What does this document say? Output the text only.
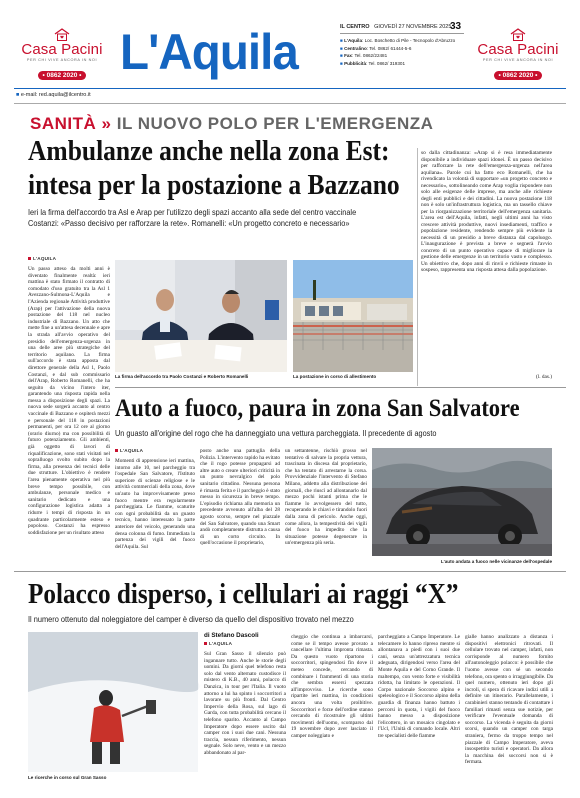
Casa Pacini
PER CHI VIVE ANCORA IN NOI
• 0862 2020 • L'Aquila	IL CENTRO GIOVEDÌ 27 NOVEMBRE 2025
33
■ L'Aquila: Loc. Boschetto di Pile - Tecnopolo d'Abruzzo
■ Centralino: Tel. 0862/ 61444-5-6
■ Fax: Tel. 0862/22481
■ Pubblicità: Tel. 0862/ 319301
Casa Pacini
PER CHI VIVE ANCORA IN NOI
• 0862 2020 •
■ e-mail: red.aquila@ilcentro.it
SANITÀ » IL NUOVO POLO PER L'EMERGENZA
Ambulanze anche nella zona Est:
intesa per la postazione a Bazzano
Ieri la firma dell'accordo tra Asl e Arap per l'utilizzo degli spazi accanto alla sede del centro vaccinale
Costanzi: «Passo decisivo per rafforzare la rete». Romanelli: «Un progetto concreto e necessario»
L'AQUILA
Un passo atteso da molti anni è diventato finalmente realtà: ieri mattina è stato firmato il contratto di comodato d'uso gratuito tra la Asl 1 Avezzano-Sulmona-L'Aquila e l'Azienda regionale Attività produttive (Arap) per l'attivazione della nuova postazione del 118 nel nucleo industriale di Bazzano. Un atto che mette fine a un'attesa decennale e apre la strada all'avvio operativo del presidio dell'emergenza-urgenza in una delle aree più strategiche del territorio aquilano. La firma sull'accordo è stata apposta dal direttore generale della Asl 1, Paolo Costanzi, e dal sub commissario dell'Arap, Roberto Romanelli, che ha seguito da vicino l'intero iter, garantendo una risposta rapida nella messa a disposizione degli spazi. La nuova sede sorgerà accanto al centro vaccinale di Bazzano e ospiterà mezzi e personale del 118 in postazioni permanenti, per ora 12 ore al giorno (orario diurno) ma con possibilità di futuro potenziamento. Gli ambienti, già oggetto di lavori di riqualificazione, sono stati visitati nel sopralluogo svolto subito dopo la firma, alla presenza dei tecnici delle due strutture. L'obiettivo è rendere l'area pienamente operativa nel più breve tempo possibile, con ambulanze, personale medico e sanitario dedicato e una configurazione logistica adatta a ridurre i tempi di risposta in un quadrante particolarmente esteso e popoloso. Costanzi ha espresso soddisfazione per un risultato atteso
La firma dell'accordo tra Paolo Costanzi e Roberto Romanelli	La postazione in corso di allestimento
so dalla cittadinanza: «Arap si è resa immediatamente disponibile a individuare spazi idonei. È un passo decisivo per rafforzare la rete dell'emergenza-urgenza nell'area aquilana». Parole cui ha fatto eco Romanelli, che ha rivendicato la volontà di supportare «un progetto concreto e necessario», sottolineando come Arap voglia rispondere non solo alle esigenze delle imprese, ma anche alle richieste degli enti pubblici e dei cittadini. La nuova postazione 118 non è solo un'infrastruttura logistica, ma un tassello chiave per la riorganizzazione territoriale dell'emergenza sanitaria. L'area est dell'Aquila, infatti, negli ultimi anni ha visto crescere attività produttive, nuovi insediamenti, traffico e popolazione residente, rendendo sempre più evidente la necessità di un presidio a breve distanza dal capoluogo. L'inaugurazione è prevista a breve e segnerà l'avvio concreto di un punto operativo capace di migliorare la gestione delle emergenze in un territorio vasto e complesso. Un obiettivo che, dopo anni di rinvii e richieste rimaste in sospeso, rappresenta una risposta attesa dalla popolazione.
(l. das.)
Auto a fuoco, paura in zona San Salvatore
Un guasto all'origine del rogo che ha danneggiato una vettura parcheggiata. Il precedente di agosto
L'AQUILA
Momenti di apprensione ieri mattina, intorno alle 10, nel parcheggio tra l'ospedale San Salvatore, l'Istituto superiore di scienze religiose e le attività commerciali della zona, dove un'auto ha improvvisamente preso fuoco mentre era regolarmente parcheggiata. Le fiamme, scaturite con ogni probabilità da un guasto tecnico, hanno interessato la parte anteriore del veicolo, generando una densa colonna di fumo. Immediata la partenza dei vigili del fuoco dell'Aquila. Sul
posto anche una pattuglia della Polizia. L'intervento rapido ha evitato che il rogo potesse propagarsi ad altre auto o creare ulteriori criticità in un punto nevralgico del polo sanitario cittadino. Nessuna persona è rimasta ferita e il parcheggio è stato messo in sicurezza in breve tempo. L'episodio richiama alla memoria un precedente avvenuto all'alba del 28 agosto scorso, sempre nel piazzale del San Salvatore, quando una Smart andò completamente distrutta a causa di un corto circuito. In quell'occasione il proprietario,
un settantenne, rischiò grosso nel tentativo di salvare la propria vettura, trascinata in discesa dal proprietario, che ha tentato di arrestarne la corsa. Provvidenziale l'intervento di Stefano Milano, addetto alla distribuzione dei giornali, che riuscì ad allontanarlo dal mezzo pochi istanti prima che le fiamme lo avvolgessero del tutto, recuperando le chiavi e tirandolo fuori dalla zona di pericolo. Anche oggi, come allora, la tempestività dei vigili del fuoco ha impedito che la situazione potesse degenerare in un'emergenza più seria.
L'auto andata a fuoco nelle vicinanze dell'ospedale
Polacco disperso, i cellulari ai raggi “X”
Il numero ottenuto dal noleggiatore del camper è diverso da quello del dispositivo trovato nel mezzo
Le ricerche in corso sul Gran Sasso
di Stefano Dascoli
L'AQUILA
Sul Gran Sasso il silenzio può ingannare tutto. Anche le storie degli uomini. Da giorni quel telefono resta solo dal vento alternato custodisce il mistero di K.B., 40 anni, polacco di Danzica, in tour per l'Italia. Il vuoto attorno a lui ha spinto i soccorritori a lavorare su più fronti. Dal Centro Impervio della Rosa, sul lago di Garda, con tutta probabilità cercano il telefono sparito. Accanto al Campo Imperatore dopo essere uscito dal camper con i suoi due cani. Nessuna traccia, nessun riferimento, nessun segnale. Solo neve, vento e un mezzo abbandonato al par-
cheggio che continua a imbarcarsi, come se il tempo avesse provato a cancellare l'ultima impronta rimasta. Da questo vuoto ripartono i soccorritori, spingendosi fin dove il meteo concede, cercando di combinare i frammenti di una storia che sembra essersi spezzata all'improvviso. Le ricerche sono ripartite ieri mattina, in condizioni ancora una volta proibitive. Soccorritori e forze dell'ordine stanno cercando di ricostruire gli ultimi movimenti dell'uomo, scomparso dal 19 novembre dopo aver lasciato il camper noleggiato e
parcheggiato a Campo Imperatore. Le telecamere lo hanno ripreso mentre si allontanava a piedi con i suoi due cani, senza un'attrezzatura tecnica adeguata, dirigendosi verso l'area del Monte Aquila e del Corno Grande. Il maltempo, con vento forte e visibilità ridotta, ha limitato le operazioni. Il Corpo nazionale Soccorso alpino e speleologico e il Soccorso alpino della guardia di finanza hanno battuto i percorsi in quota, i vigili del fuoco hanno messo a disposizione l'elicottero, in un mosaico cingolato e l'Ucl, l'Unità di comando locale. Altri tre specialisti delle fiamme
gialle hanno analizzato a distanza i dispositivi elettronici ritrovati. Il cellulare trovato nel camper, infatti, non corrisponde al numero fornito all'autonoleggio polacco: è possibile che l'uomo avesse con sé un secondo telefono, ora spento o irraggiungibile. Da quel numero, ottenuto ieri dopo gli incroli, si spera di ricavare indizi utili a definire un itinerario. Parallelamente, i carabinieri stanno tentando di contattare i familiari rimasti senza sue notizie, per verificare l'eventuale domanda di soccorso. La vicenda è seguita da giorni scorsi, quando un camper con targa straniera, fermo da troppo tempo nel piazzale di Campo Imperatore, aveva insospettito turisti e operatori. Da allora la macchina dei soccorsi non si è fermata.
